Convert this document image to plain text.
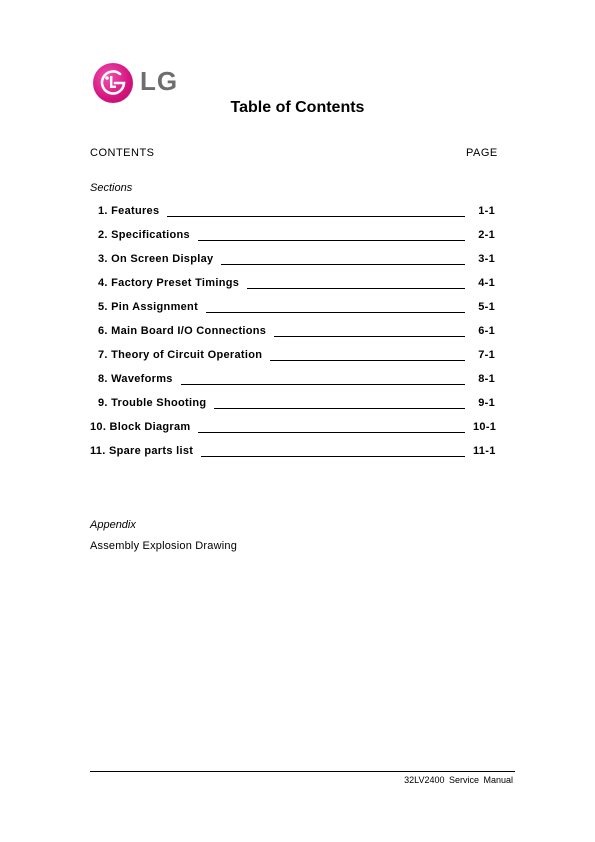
LG
Table of Contents
CONTENTS	PAGE
Sections
1. Features	1-1
2. Specifications	2-1
3. On Screen Display	3-1
4. Factory Preset Timings	4-1
5. Pin Assignment	5-1
6. Main Board I/O Connections	6-1
7. Theory of Circuit Operation	7-1
8. Waveforms	8-1
9. Trouble Shooting	9-1
10. Block Diagram	10-1
11. Spare parts list	11-1
Appendix
Assembly Explosion Drawing
32LV2400 Service Manual
